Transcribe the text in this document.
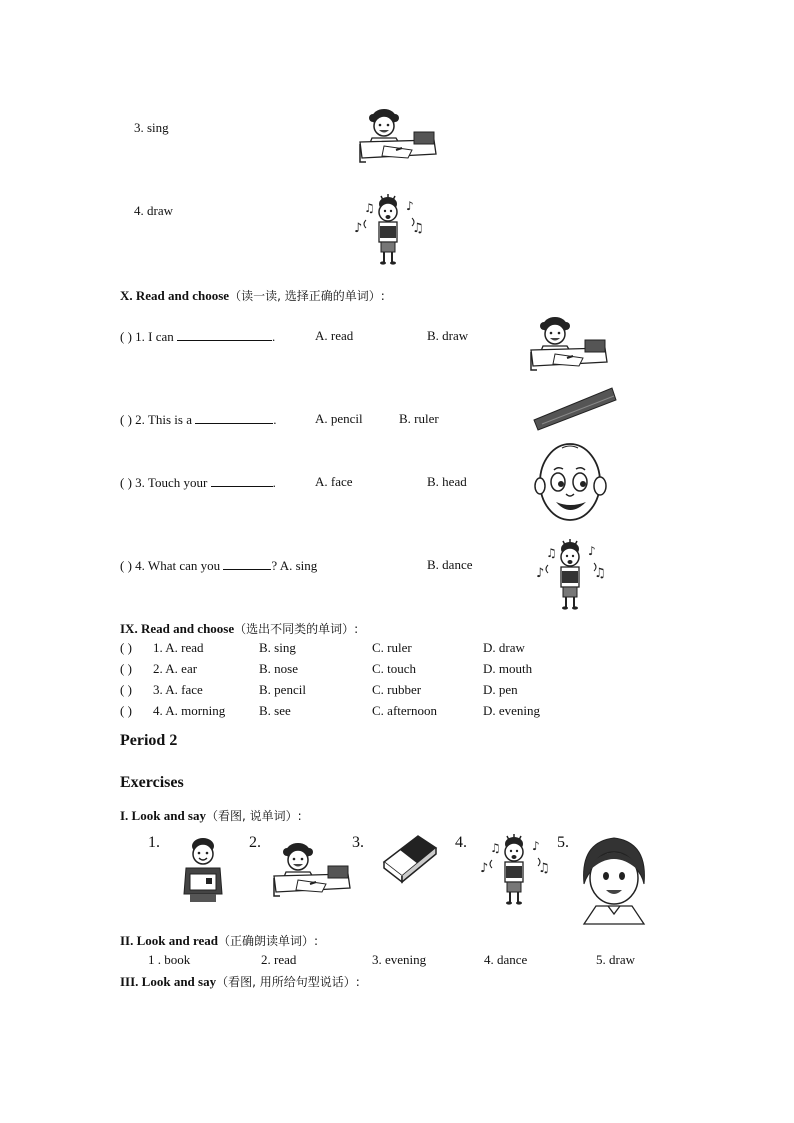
♪
♫	♪
♫
3. sing
4. draw
X. Read and choose（读一读, 选择正确的单词）:
( ) 1. I can	.	A. read	B. draw
( ) 2. This is a	.	A. pencil	B. ruler
( ) 3. Touch your	.	A. face	B. head
( ) 4. What can you	? A. sing	B. dance
IX. Read and choose（选出不同类的单词）:
( ) 1. A. read	B. sing	C. ruler	D. draw
( ) 2. A. ear	B. nose	C. touch	D. mouth
( ) 3. A. face	B. pencil	C. rubber	D. pen
( ) 4. A. morning	B. see	C. afternoon	D. evening
Period 2
Exercises
I. Look and say（看图, 说单词）:
1.	2.	3.	4.	5.
II. Look and read（正确朗读单词）:
1 . book	2. read	3. evening	4. dance	5. draw
III. Look and say（看图, 用所给句型说话）:
